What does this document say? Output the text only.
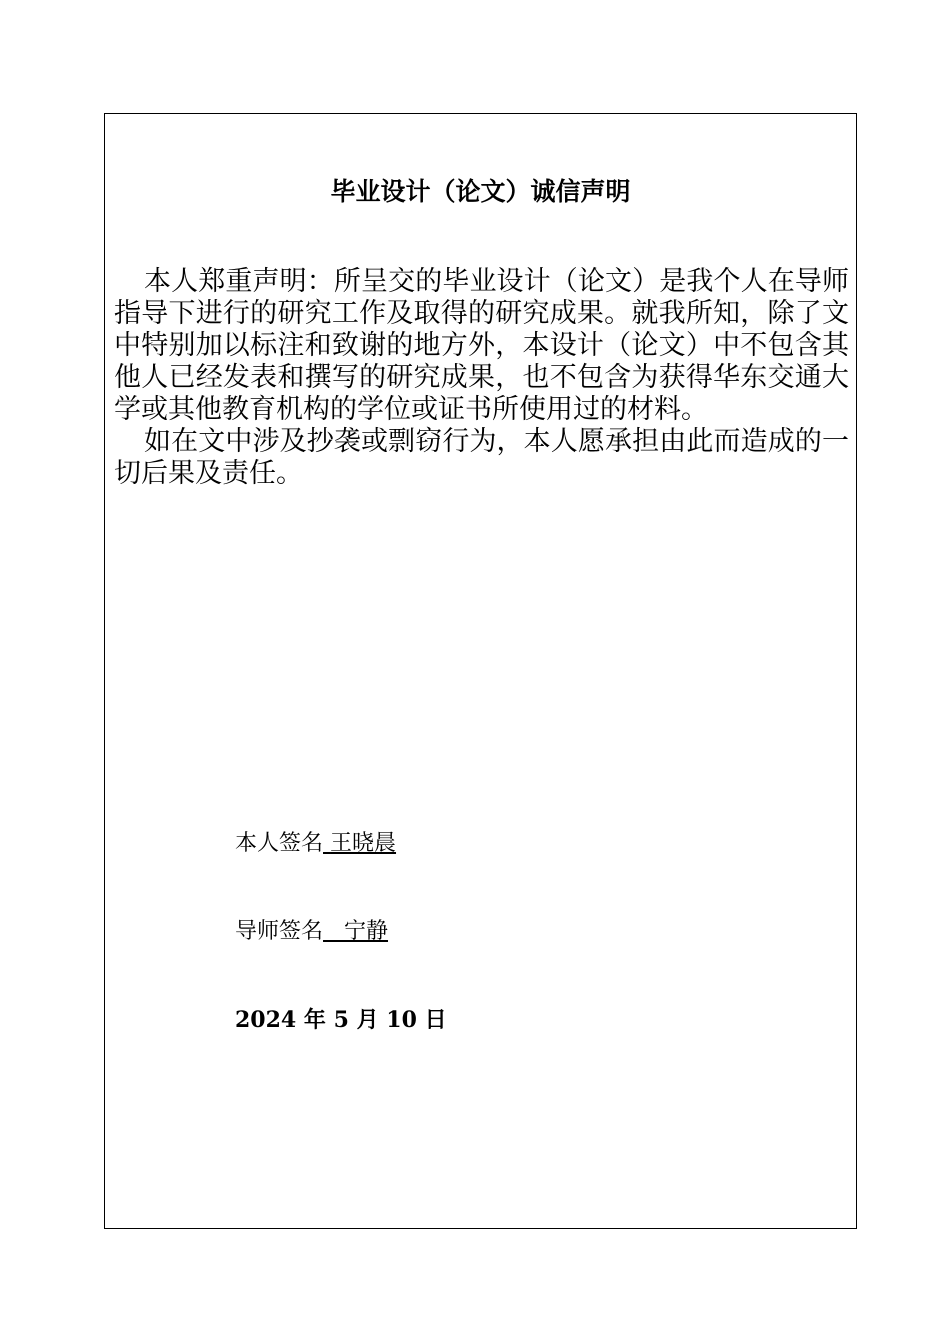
毕业设计（论文）诚信声明

本人郑重声明：所呈交的毕业设计（论文）是我个人在导师指导下进行的研究工作及取得的研究成果。就我所知，除了文中特别加以标注和致谢的地方外，本设计（论文）中不包含其他人已经发表和撰写的研究成果，也不包含为获得华东交通大学或其他教育机构的学位或证书所使用过的材料。

如在文中涉及抄袭或剽窃行为，本人愿承担由此而造成的一切后果及责任。

本人签名 王晓晨
导师签名 宁静
2024 年 5 月 10 日
